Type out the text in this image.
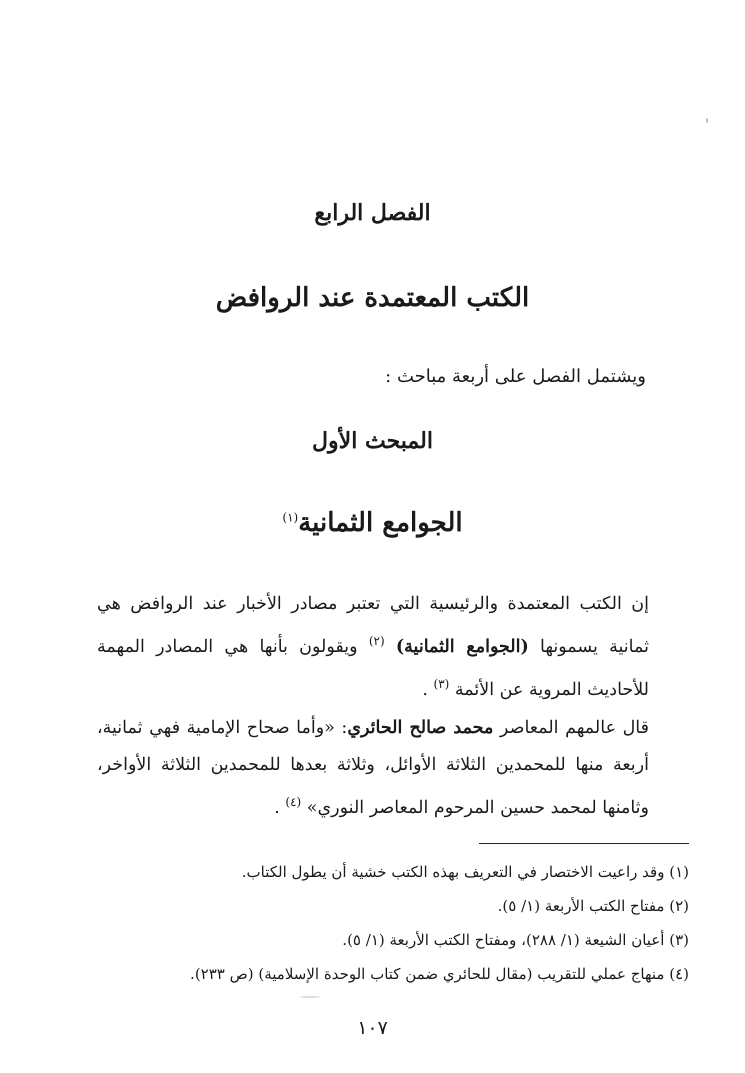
الفصل الرابع
الكتب المعتمدة عند الروافض
ويشتمل الفصل على أربعة مباحث :
المبحث الأول
الجوامع الثمانية$^{(١)}$
إن الكتب المعتمدة والرئيسية التي تعتبر مصادر الأخبار عند الروافض هي ثمانية يسمونها (الجوامع الثمانية) $^{(٢)}$ ويقولون بأنها هي المصادر المهمة للأحاديث المروية عن الأئمة $^{(٣)}$ .
قال عالمهم المعاصر محمد صالح الحائري: «وأما صحاح الإمامية فهي ثمانية، أربعة منها للمحمدين الثلاثة الأوائل، وثلاثة بعدها للمحمدين الثلاثة الأواخر، وثامنها لمحمد حسين المرحوم المعاصر النوري» $^{(٤)}$ .
(١) وقد راعيت الاختصار في التعريف بهذه الكتب خشية أن يطول الكتاب.
(٢) مفتاح الكتب الأربعة (١/ ٥).
(٣) أعيان الشيعة (١/ ٢٨٨)، ومفتاح الكتب الأربعة (١/ ٥).
(٤) منهاج عملي للتقريب (مقال للحائري ضمن كتاب الوحدة الإسلامية) (ص ٢٣٣).
١٠٧
